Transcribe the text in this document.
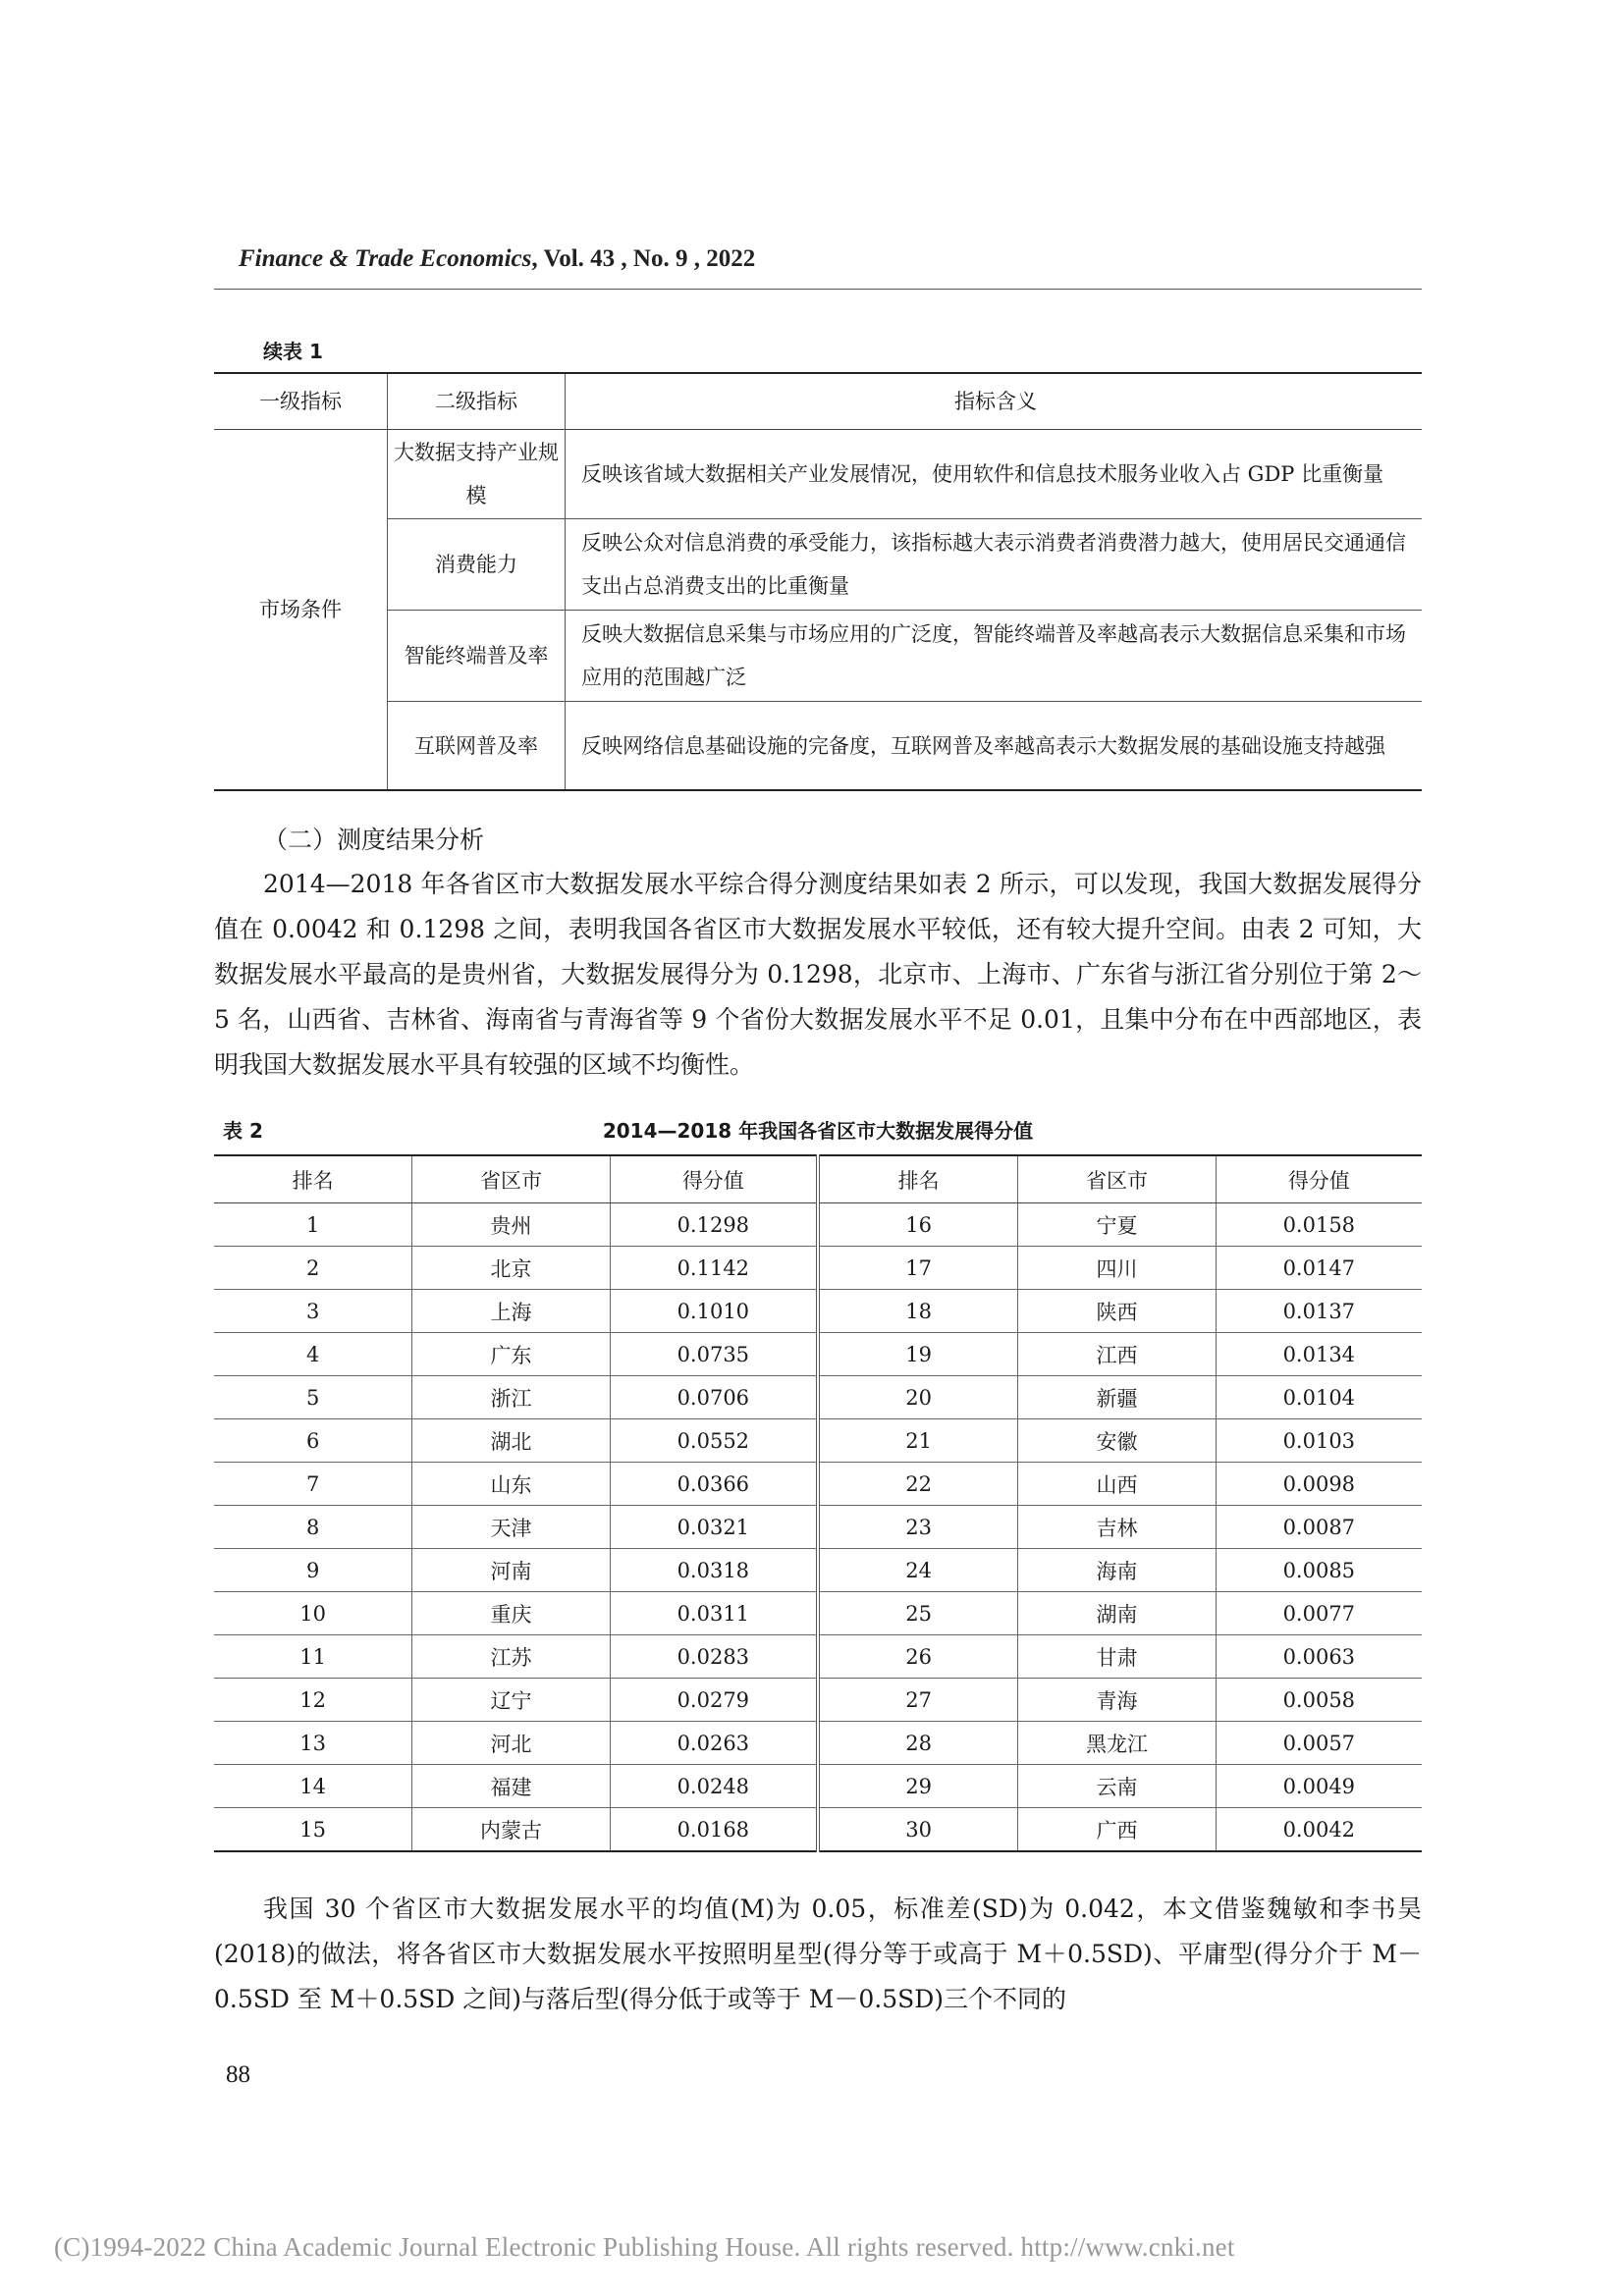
Finance & Trade Economics, Vol. 43 , No. 9 , 2022
续表 1
一级指标	二级指标	指标含义
市场条件	大数据支持产业规模	反映该省域大数据相关产业发展情况，使用软件和信息技术服务业收入占 GDP 比重衡量
	消费能力	反映公众对信息消费的承受能力，该指标越大表示消费者消费潜力越大，使用居民交通通信支出占总消费支出的比重衡量
	智能终端普及率	反映大数据信息采集与市场应用的广泛度，智能终端普及率越高表示大数据信息采集和市场应用的范围越广泛
	互联网普及率	反映网络信息基础设施的完备度，互联网普及率越高表示大数据发展的基础设施支持越强
（二）测度结果分析
2014—2018 年各省区市大数据发展水平综合得分测度结果如表 2 所示，可以发现，我国大数据发展得分值在 0.0042 和 0.1298 之间，表明我国各省区市大数据发展水平较低，还有较大提升空间。由表 2 可知，大数据发展水平最高的是贵州省，大数据发展得分为 0.1298，北京市、上海市、广东省与浙江省分别位于第 2～5 名，山西省、吉林省、海南省与青海省等 9 个省份大数据发展水平不足 0.01，且集中分布在中西部地区，表明我国大数据发展水平具有较强的区域不均衡性。
2014—2018 年我国各省区市大数据发展得分值
表 2
排名	省区市	得分值	排名	省区市	得分值
1	贵州	0.1298	16	宁夏	0.0158
2	北京	0.1142	17	四川	0.0147
3	上海	0.1010	18	陕西	0.0137
4	广东	0.0735	19	江西	0.0134
5	浙江	0.0706	20	新疆	0.0104
6	湖北	0.0552	21	安徽	0.0103
7	山东	0.0366	22	山西	0.0098
8	天津	0.0321	23	吉林	0.0087
9	河南	0.0318	24	海南	0.0085
10	重庆	0.0311	25	湖南	0.0077
11	江苏	0.0283	26	甘肃	0.0063
12	辽宁	0.0279	27	青海	0.0058
13	河北	0.0263	28	黑龙江	0.0057
14	福建	0.0248	29	云南	0.0049
15	内蒙古	0.0168	30	广西	0.0042
我国 30 个省区市大数据发展水平的均值(M)为 0.05，标准差(SD)为 0.042，本文借鉴魏敏和李书昊(2018)的做法，将各省区市大数据发展水平按照明星型(得分等于或高于 M＋0.5SD)、平庸型(得分介于 M－0.5SD 至 M＋0.5SD 之间)与落后型(得分低于或等于 M－0.5SD)三个不同的
88
(C)1994-2022 China Academic Journal Electronic Publishing House. All rights reserved. http://www.cnki.net
